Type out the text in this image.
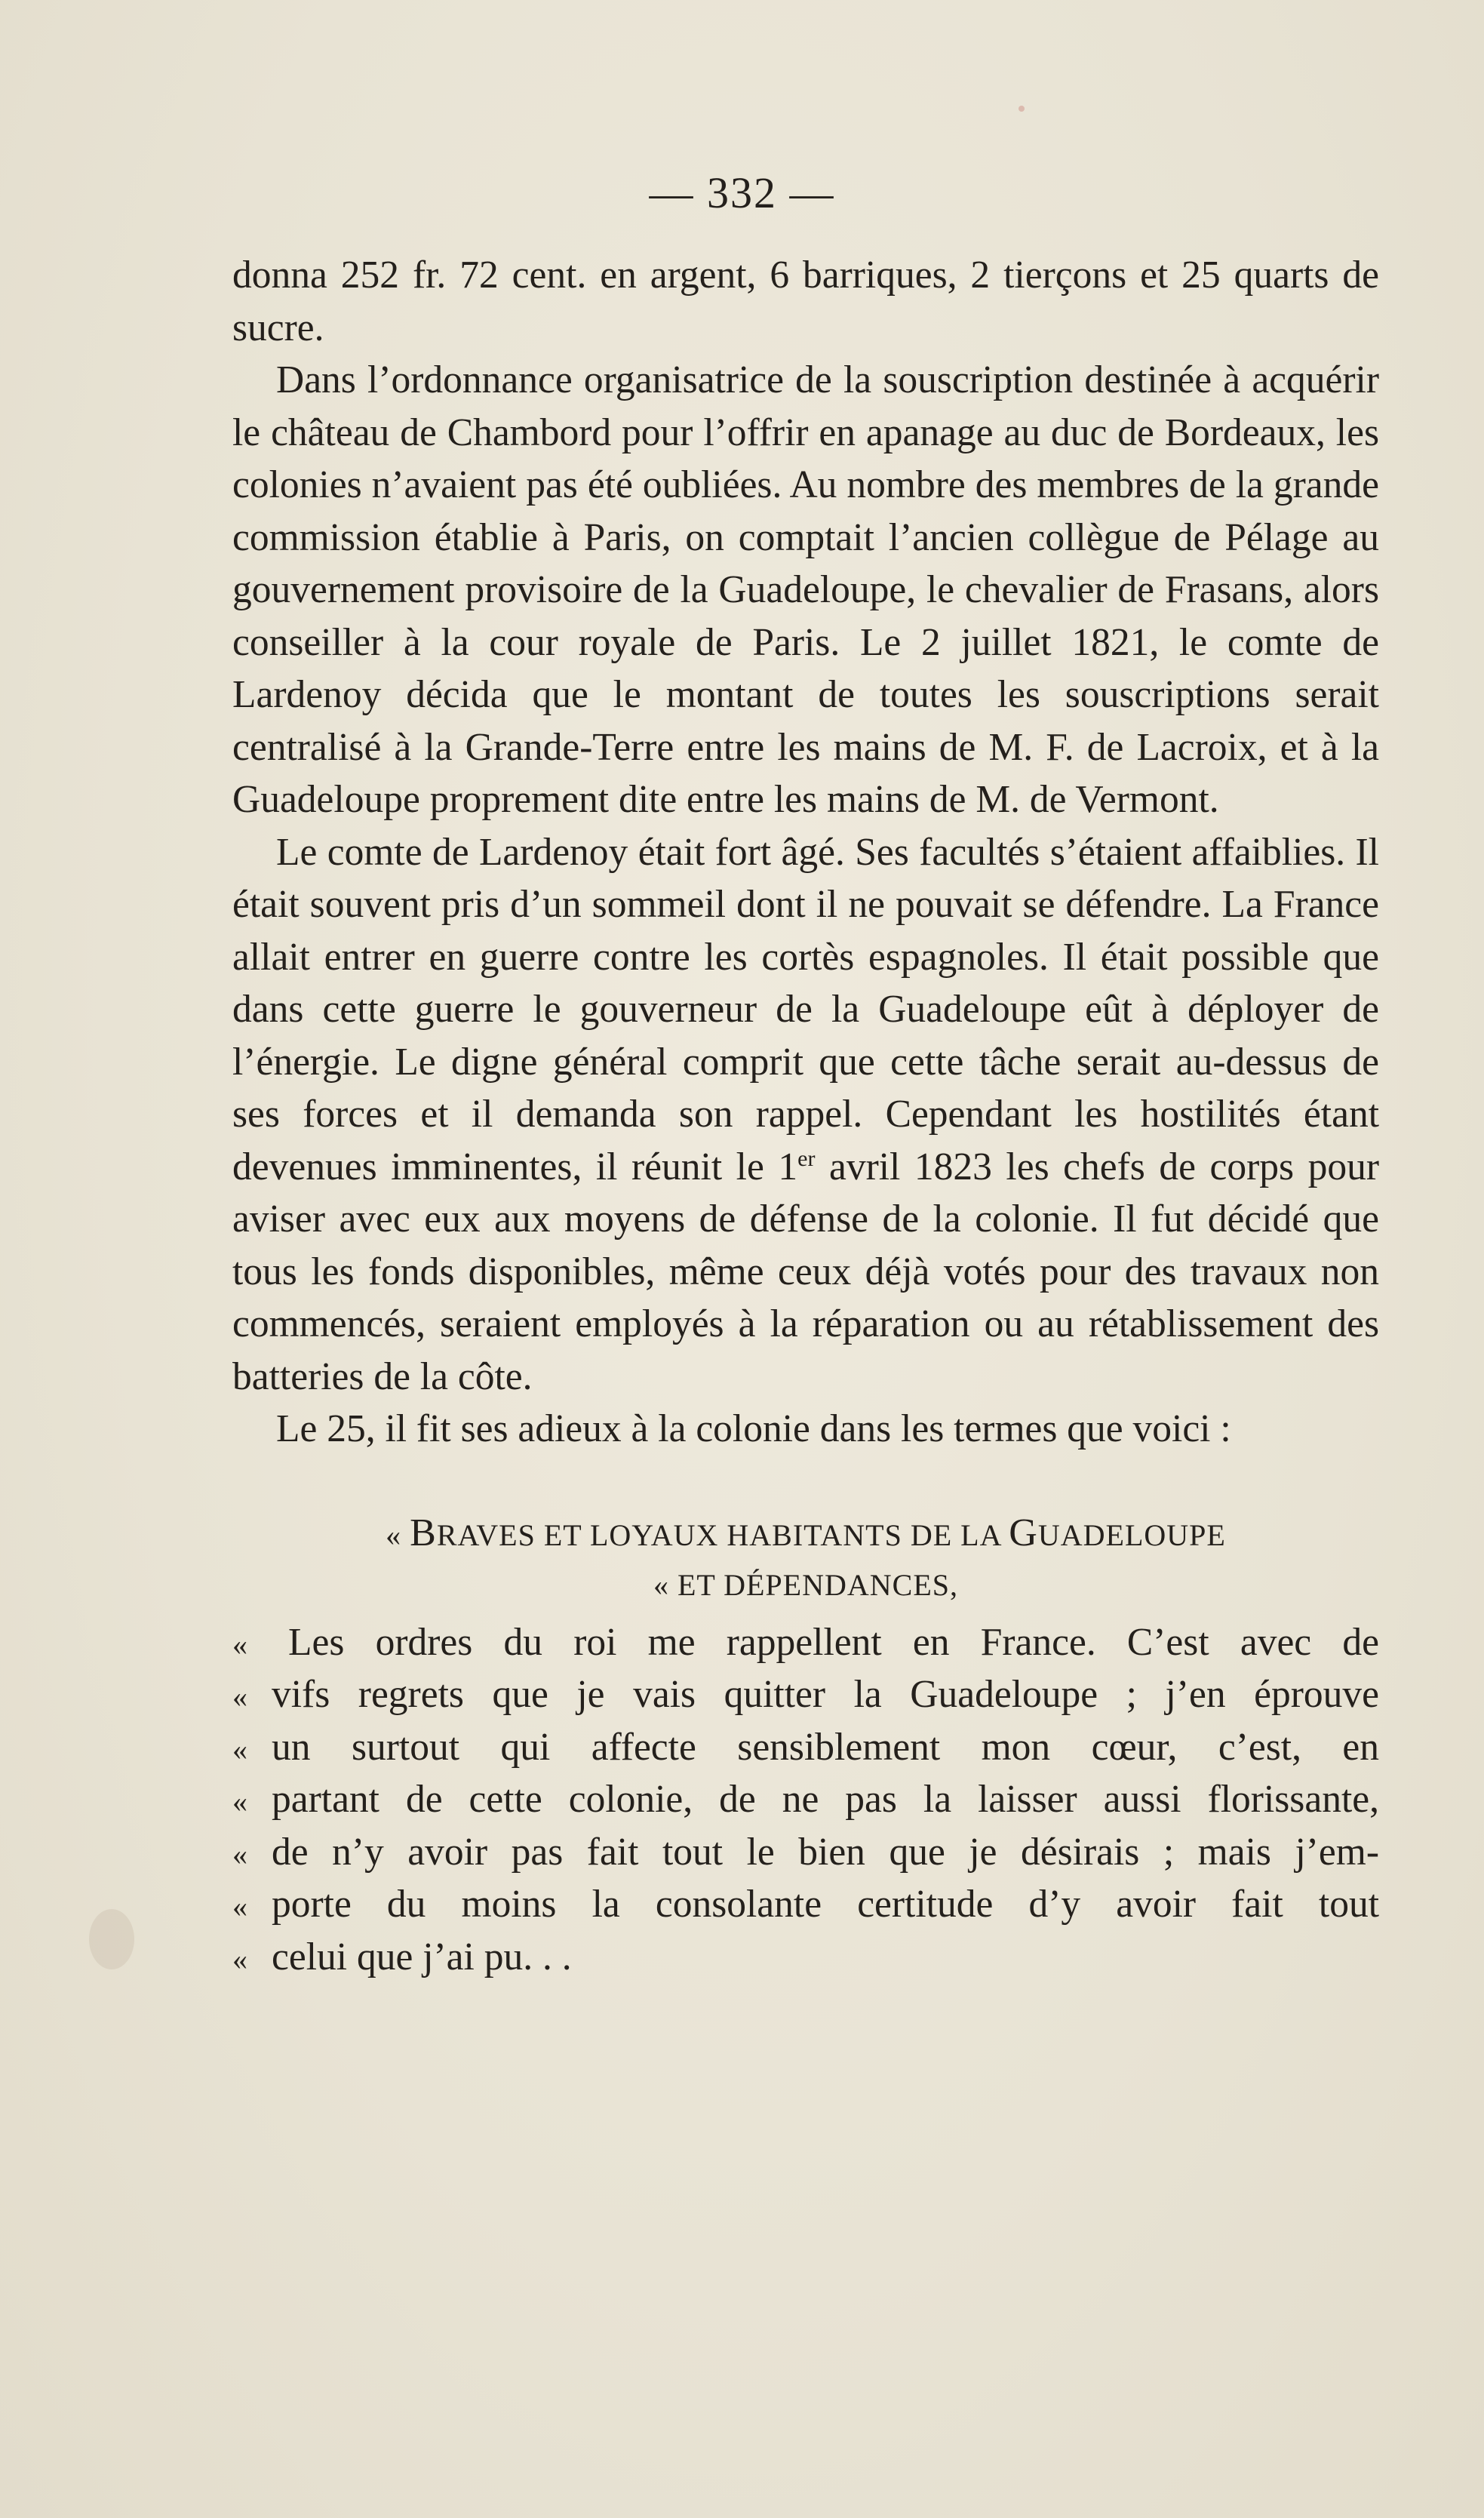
— 332 —

donna 252 fr. 72 cent. en argent, 6 barriques, 2 tierçons et 25 quarts de sucre.

Dans l’ordonnance organisatrice de la souscription destinée à acquérir le château de Chambord pour l’offrir en apanage au duc de Bordeaux, les colonies n’avaient pas été oubliées. Au nombre des membres de la grande commission établie à Paris, on comptait l’ancien collègue de Pélage au gouvernement provisoire de la Guadeloupe, le chevalier de Frasans, alors conseiller à la cour royale de Paris. Le 2 juillet 1821, le comte de Lardenoy décida que le montant de toutes les souscriptions serait centralisé à la Grande-Terre entre les mains de M. F. de Lacroix, et à la Guadeloupe proprement dite entre les mains de M. de Vermont.

Le comte de Lardenoy était fort âgé. Ses facultés s’étaient affaiblies. Il était souvent pris d’un sommeil dont il ne pouvait se défendre. La France allait entrer en guerre contre les cortès espagnoles. Il était possible que dans cette guerre le gouverneur de la Guadeloupe eût à déployer de l’énergie. Le digne général comprit que cette tâche serait au-dessus de ses forces et il demanda son rappel. Cependant les hostilités étant devenues imminentes, il réunit le 1er avril 1823 les chefs de corps pour aviser avec eux aux moyens de défense de la colonie. Il fut décidé que tous les fonds disponibles, même ceux déjà votés pour des travaux non commencés, seraient employés à la réparation ou au rétablissement des batteries de la côte.

Le 25, il fit ses adieux à la colonie dans les termes que voici :

« BRAVES ET LOYAUX HABITANTS DE LA GUADELOUPE

« ET DÉPENDANCES,

«	Les ordres du roi me rappellent en France. C’est avec de
« vifs regrets que je vais quitter la Guadeloupe ; j’en éprouve
« un surtout qui affecte sensiblement mon cœur, c’est, en
« partant de cette colonie, de ne pas la laisser aussi florissante,
« de n’y avoir pas fait tout le bien que je désirais ; mais j’em-
« porte du moins la consolante certitude d’y avoir fait tout
« celui que j’ai pu. . .
